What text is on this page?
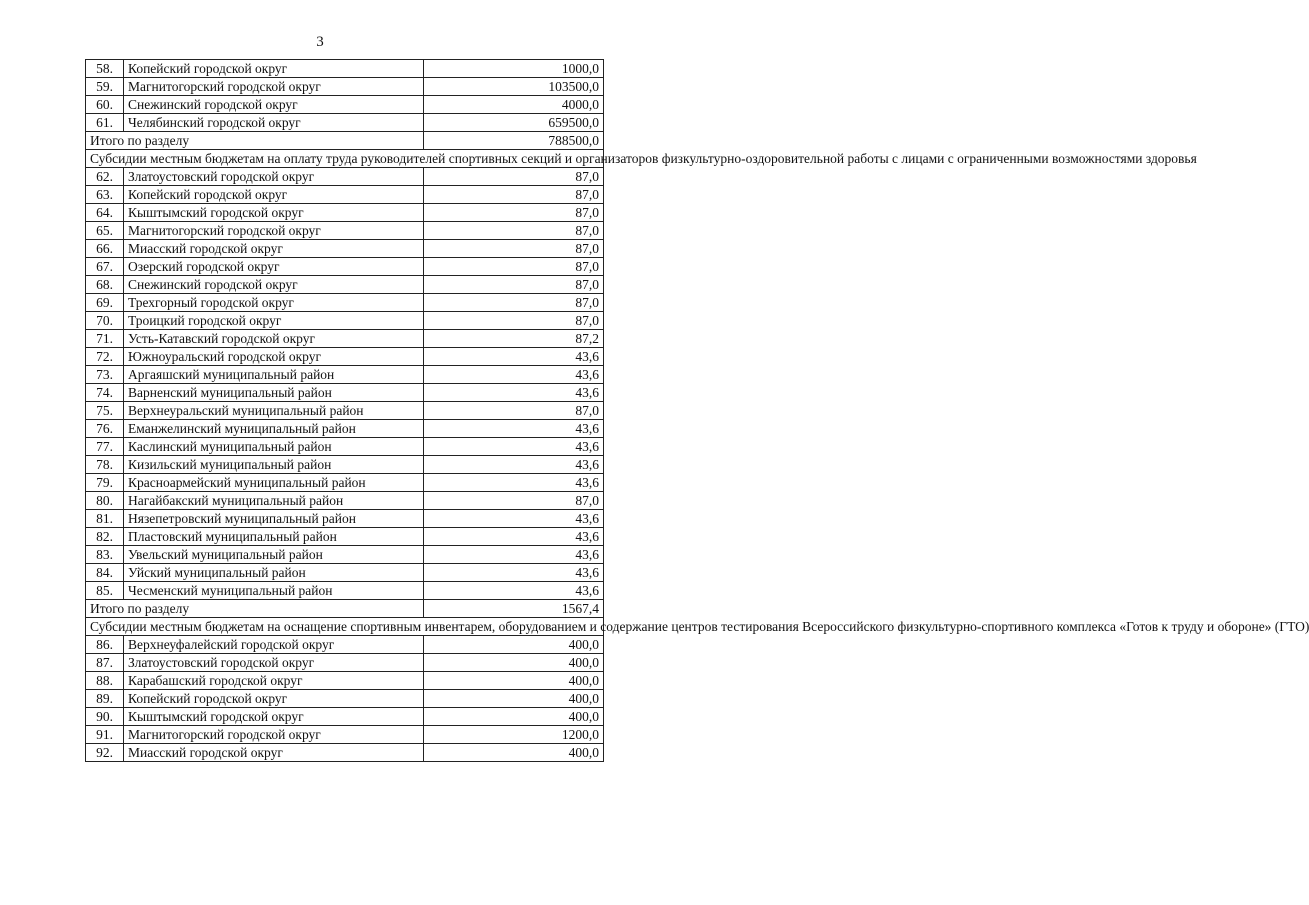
3
58.	Копейский городской округ	1000,0
59.	Магнитогорский городской округ	103500,0
60.	Снежинский городской округ	4000,0
61.	Челябинский городской округ	659500,0
Итого по разделу		788500,0
Субсидии местным бюджетам на оплату труда руководителей спортивных секций и организаторов физкультурно-оздоровительной работы с лицами с ограниченными возможностями здоровья		
62.	Златоустовский городской округ	87,0
63.	Копейский городской округ	87,0
64.	Кыштымский городской округ	87,0
65.	Магнитогорский городской округ	87,0
66.	Миасский городской округ	87,0
67.	Озерский городской округ	87,0
68.	Снежинский городской округ	87,0
69.	Трехгорный городской округ	87,0
70.	Троицкий городской округ	87,0
71.	Усть-Катавский городской округ	87,2
72.	Южноуральский городской округ	43,6
73.	Аргаяшский муниципальный район	43,6
74.	Варненский муниципальный район	43,6
75.	Верхнеуральский муниципальный район	87,0
76.	Еманжелинский муниципальный район	43,6
77.	Каслинский муниципальный район	43,6
78.	Кизильский муниципальный район	43,6
79.	Красноармейский муниципальный район	43,6
80.	Нагайбакский муниципальный район	87,0
81.	Нязепетровский муниципальный район	43,6
82.	Пластовский муниципальный район	43,6
83.	Увельский муниципальный район	43,6
84.	Уйский муниципальный район	43,6
85.	Чесменский муниципальный район	43,6
Итого по разделу		1567,4
Субсидии местным бюджетам на оснащение спортивным инвентарем, оборудованием и содержание центров тестирования Всероссийского физкультурно-спортивного комплекса «Готов к труду и обороне» (ГТО)		
86.	Верхнеуфалейский городской округ	400,0
87.	Златоустовский городской округ	400,0
88.	Карабашский городской округ	400,0
89.	Копейский городской округ	400,0
90.	Кыштымский городской округ	400,0
91.	Магнитогорский городской округ	1200,0
92.	Миасский городской округ	400,0
